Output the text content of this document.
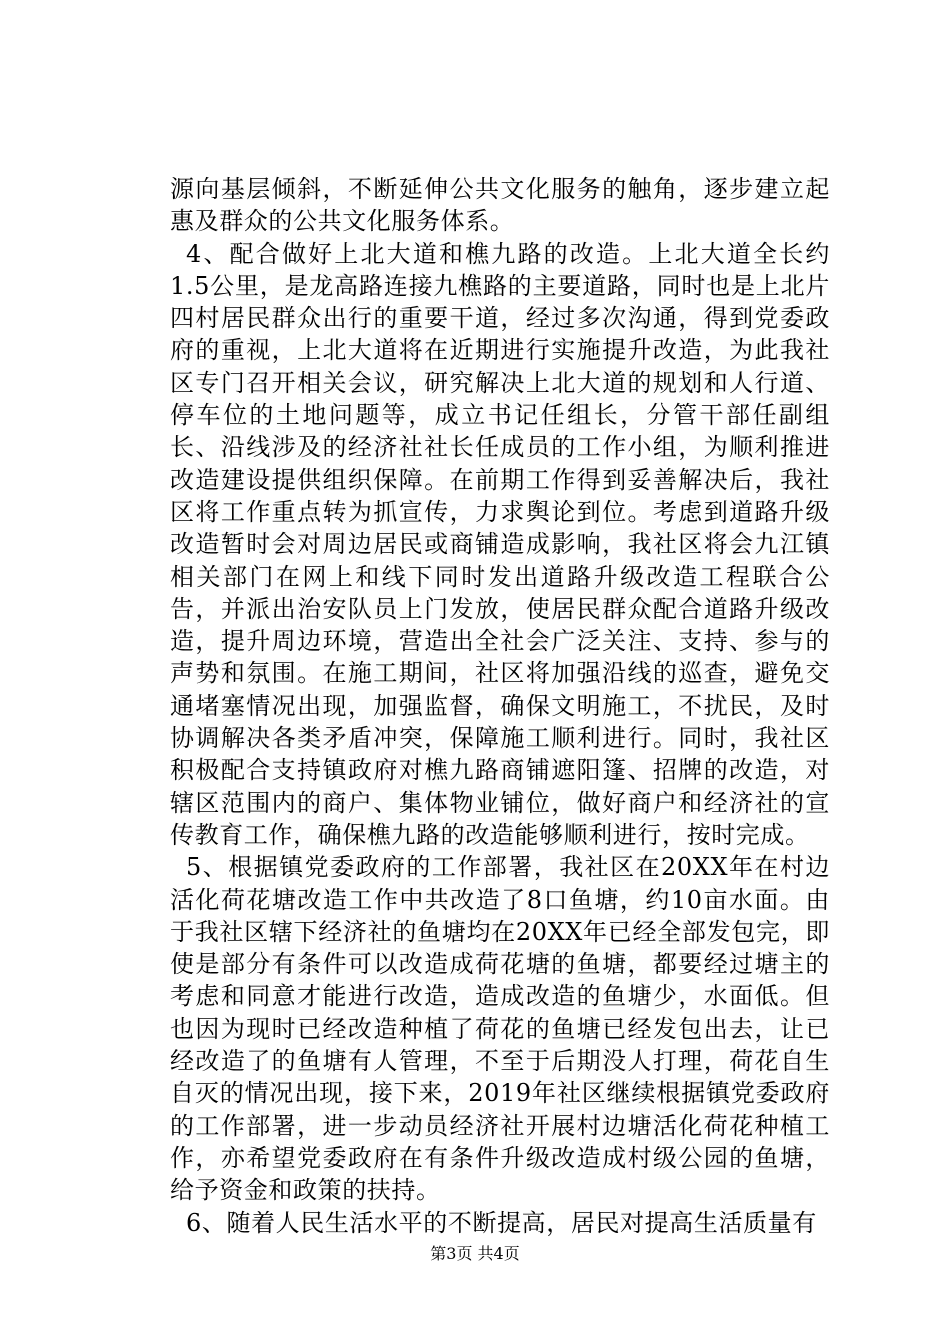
源向基层倾斜，不断延伸公共文化服务的触角，逐步建立起惠及群众的公共文化服务体系。

4、配合做好上北大道和樵九路的改造。上北大道全长约1.5公里，是龙高路连接九樵路的主要道路，同时也是上北片四村居民群众出行的重要干道，经过多次沟通，得到党委政府的重视，上北大道将在近期进行实施提升改造，为此我社区专门召开相关会议，研究解决上北大道的规划和人行道、停车位的土地问题等，成立书记任组长，分管干部任副组长、沿线涉及的经济社社长任成员的工作小组，为顺利推进改造建设提供组织保障。在前期工作得到妥善解决后，我社区将工作重点转为抓宣传，力求舆论到位。考虑到道路升级改造暂时会对周边居民或商铺造成影响，我社区将会九江镇相关部门在网上和线下同时发出道路升级改造工程联合公告，并派出治安队员上门发放，使居民群众配合道路升级改造，提升周边环境，营造出全社会广泛关注、支持、参与的声势和氛围。在施工期间，社区将加强沿线的巡查，避免交通堵塞情况出现，加强监督，确保文明施工，不扰民，及时协调解决各类矛盾冲突，保障施工顺利进行。同时，我社区积极配合支持镇政府对樵九路商铺遮阳篷、招牌的改造，对辖区范围内的商户、集体物业铺位，做好商户和经济社的宣传教育工作，确保樵九路的改造能够顺利进行，按时完成。

5、根据镇党委政府的工作部署，我社区在20XX年在村边活化荷花塘改造工作中共改造了8口鱼塘，约10亩水面。由于我社区辖下经济社的鱼塘均在20XX年已经全部发包完，即使是部分有条件可以改造成荷花塘的鱼塘，都要经过塘主的考虑和同意才能进行改造，造成改造的鱼塘少，水面低。但也因为现时已经改造种植了荷花的鱼塘已经发包出去，让已经改造了的鱼塘有人管理，不至于后期没人打理，荷花自生自灭的情况出现，接下来，2019年社区继续根据镇党委政府的工作部署，进一步动员经济社开展村边塘活化荷花种植工作，亦希望党委政府在有条件升级改造成村级公园的鱼塘，给予资金和政策的扶持。

6、随着人民生活水平的不断提高，居民对提高生活质量有

第3页 共4页
